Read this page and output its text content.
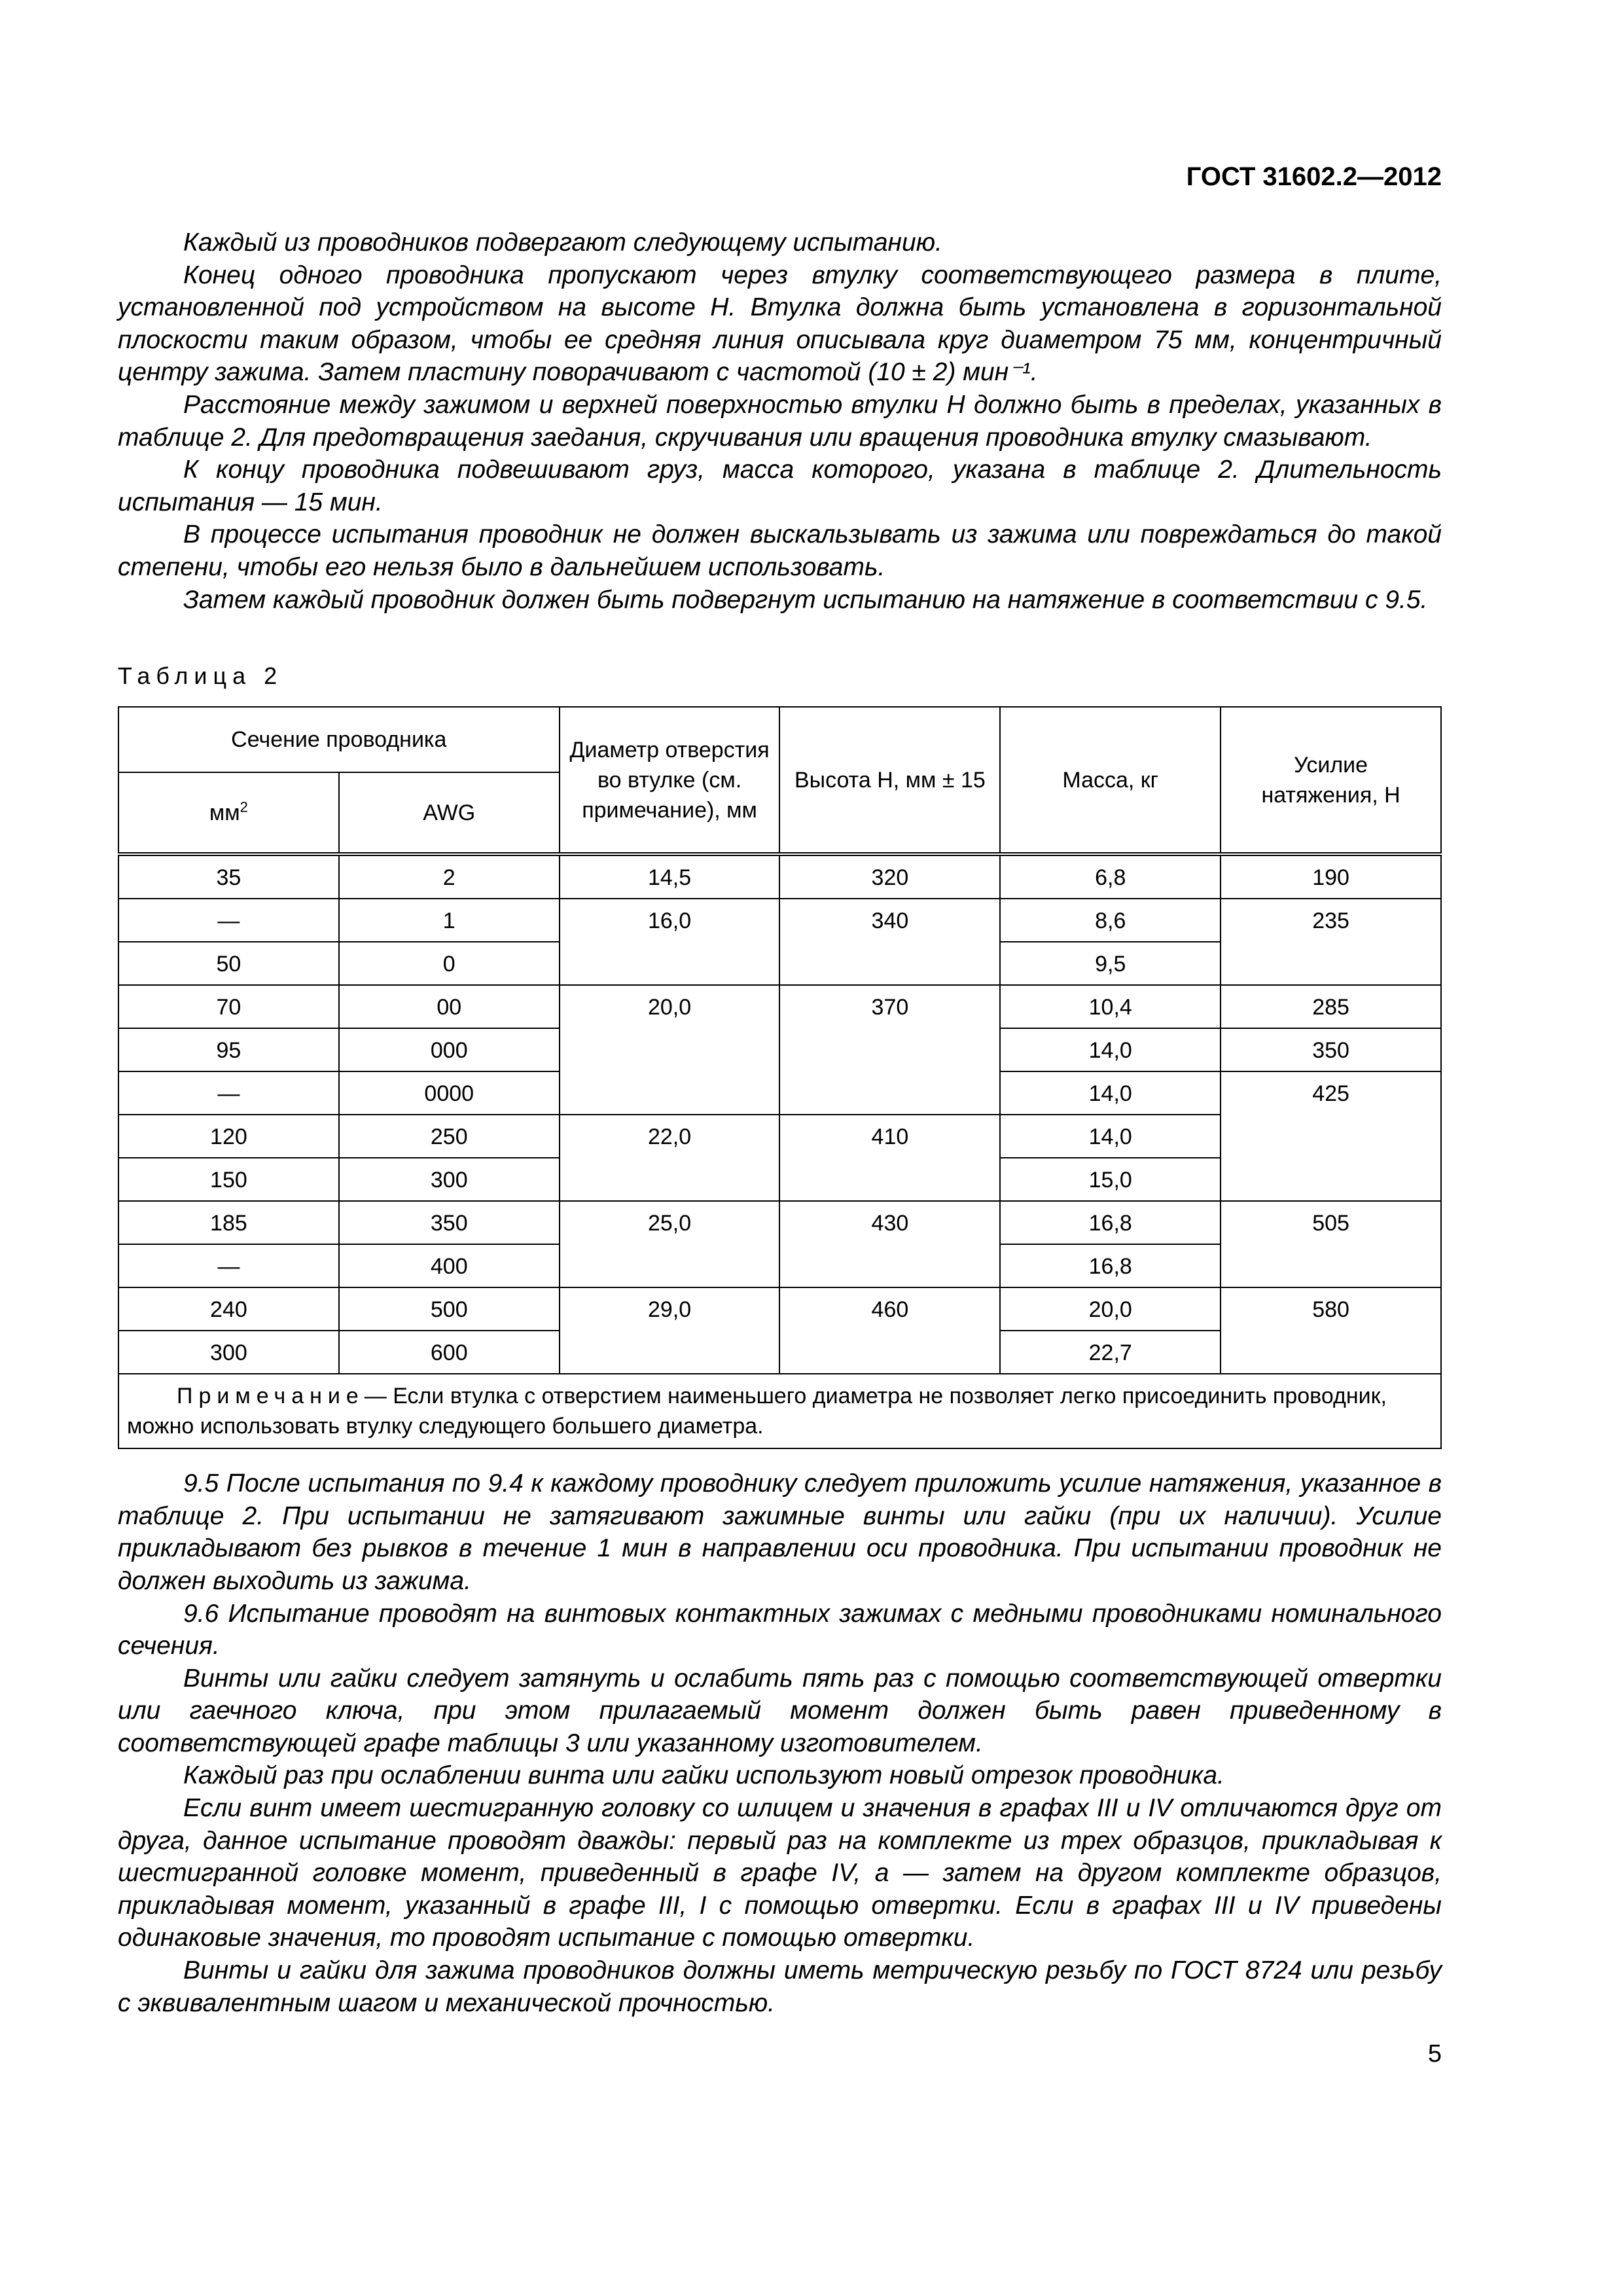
ГОСТ 31602.2—2012

Каждый из проводников подвергают следующему испытанию.

Конец одного проводника пропускают через втулку соответствующего размера в плите, установленной под устройством на высоте H. Втулка должна быть установлена в горизонтальной плоскости таким образом, чтобы ее средняя линия описывала круг диаметром 75 мм, концентричный центру зажима. Затем пластину поворачивают с частотой (10 ± 2) мин⁻¹.

Расстояние между зажимом и верхней поверхностью втулки H должно быть в пределах, указанных в таблице 2. Для предотвращения заедания, скручивания или вращения проводника втулку смазывают.

К концу проводника подвешивают груз, масса которого, указана в таблице 2. Длительность испытания — 15 мин.

В процессе испытания проводник не должен выскальзывать из зажима или повреждаться до такой степени, чтобы его нельзя было в дальнейшем использовать.

Затем каждый проводник должен быть подвергнут испытанию на натяжение в соответствии с 9.5.

Таблица 2
Сечение проводника		Диаметр отверстия во втулке (см. примечание), мм	Высота H, мм ± 15	Масса, кг	Усилие натяжения, Н
$мм^2$	AWG				
35	2	14,5	320	6,8	190
—	1	16,0	340	8,6	235
50	0			9,5	
70	00	20,0	370	10,4	285
95	000			14,0	350
—	0000			14,0	425
120	250	22,0	410	14,0	
150	300			15,0	
185	350	25,0	430	16,8	505
—	400			16,8	
240	500	29,0	460	20,0	580
300	600			22,7	
Примечание— Если втулка с отверстием наименьшего диаметра не позволяет легко присоединить проводник, можно использовать втулку следующего большего диаметра.					

9.5 После испытания по 9.4 к каждому проводнику следует приложить усилие натяжения, указанное в таблице 2. При испытании не затягивают зажимные винты или гайки (при их наличии). Усилие прикладывают без рывков в течение 1 мин в направлении оси проводника. При испытании проводник не должен выходить из зажима.

9.6 Испытание проводят на винтовых контактных зажимах с медными проводниками номинального сечения.

Винты или гайки следует затянуть и ослабить пять раз с помощью соответствующей отвертки или гаечного ключа, при этом прилагаемый момент должен быть равен приведенному в соответствующей графе таблицы 3 или указанному изготовителем.

Каждый раз при ослаблении винта или гайки используют новый отрезок проводника.

Если винт имеет шестигранную головку со шлицем и значения в графах III и IV отличаются друг от друга, данное испытание проводят дважды: первый раз на комплекте из трех образцов, прикладывая к шестигранной головке момент, приведенный в графе IV, а — затем на другом комплекте образцов, прикладывая момент, указанный в графе III, I с помощью отвертки. Если в графах III и IV приведены одинаковые значения, то проводят испытание с помощью отвертки.

Винты и гайки для зажима проводников должны иметь метрическую резьбу по ГОСТ 8724 или резьбу с эквивалентным шагом и механической прочностью.

5
